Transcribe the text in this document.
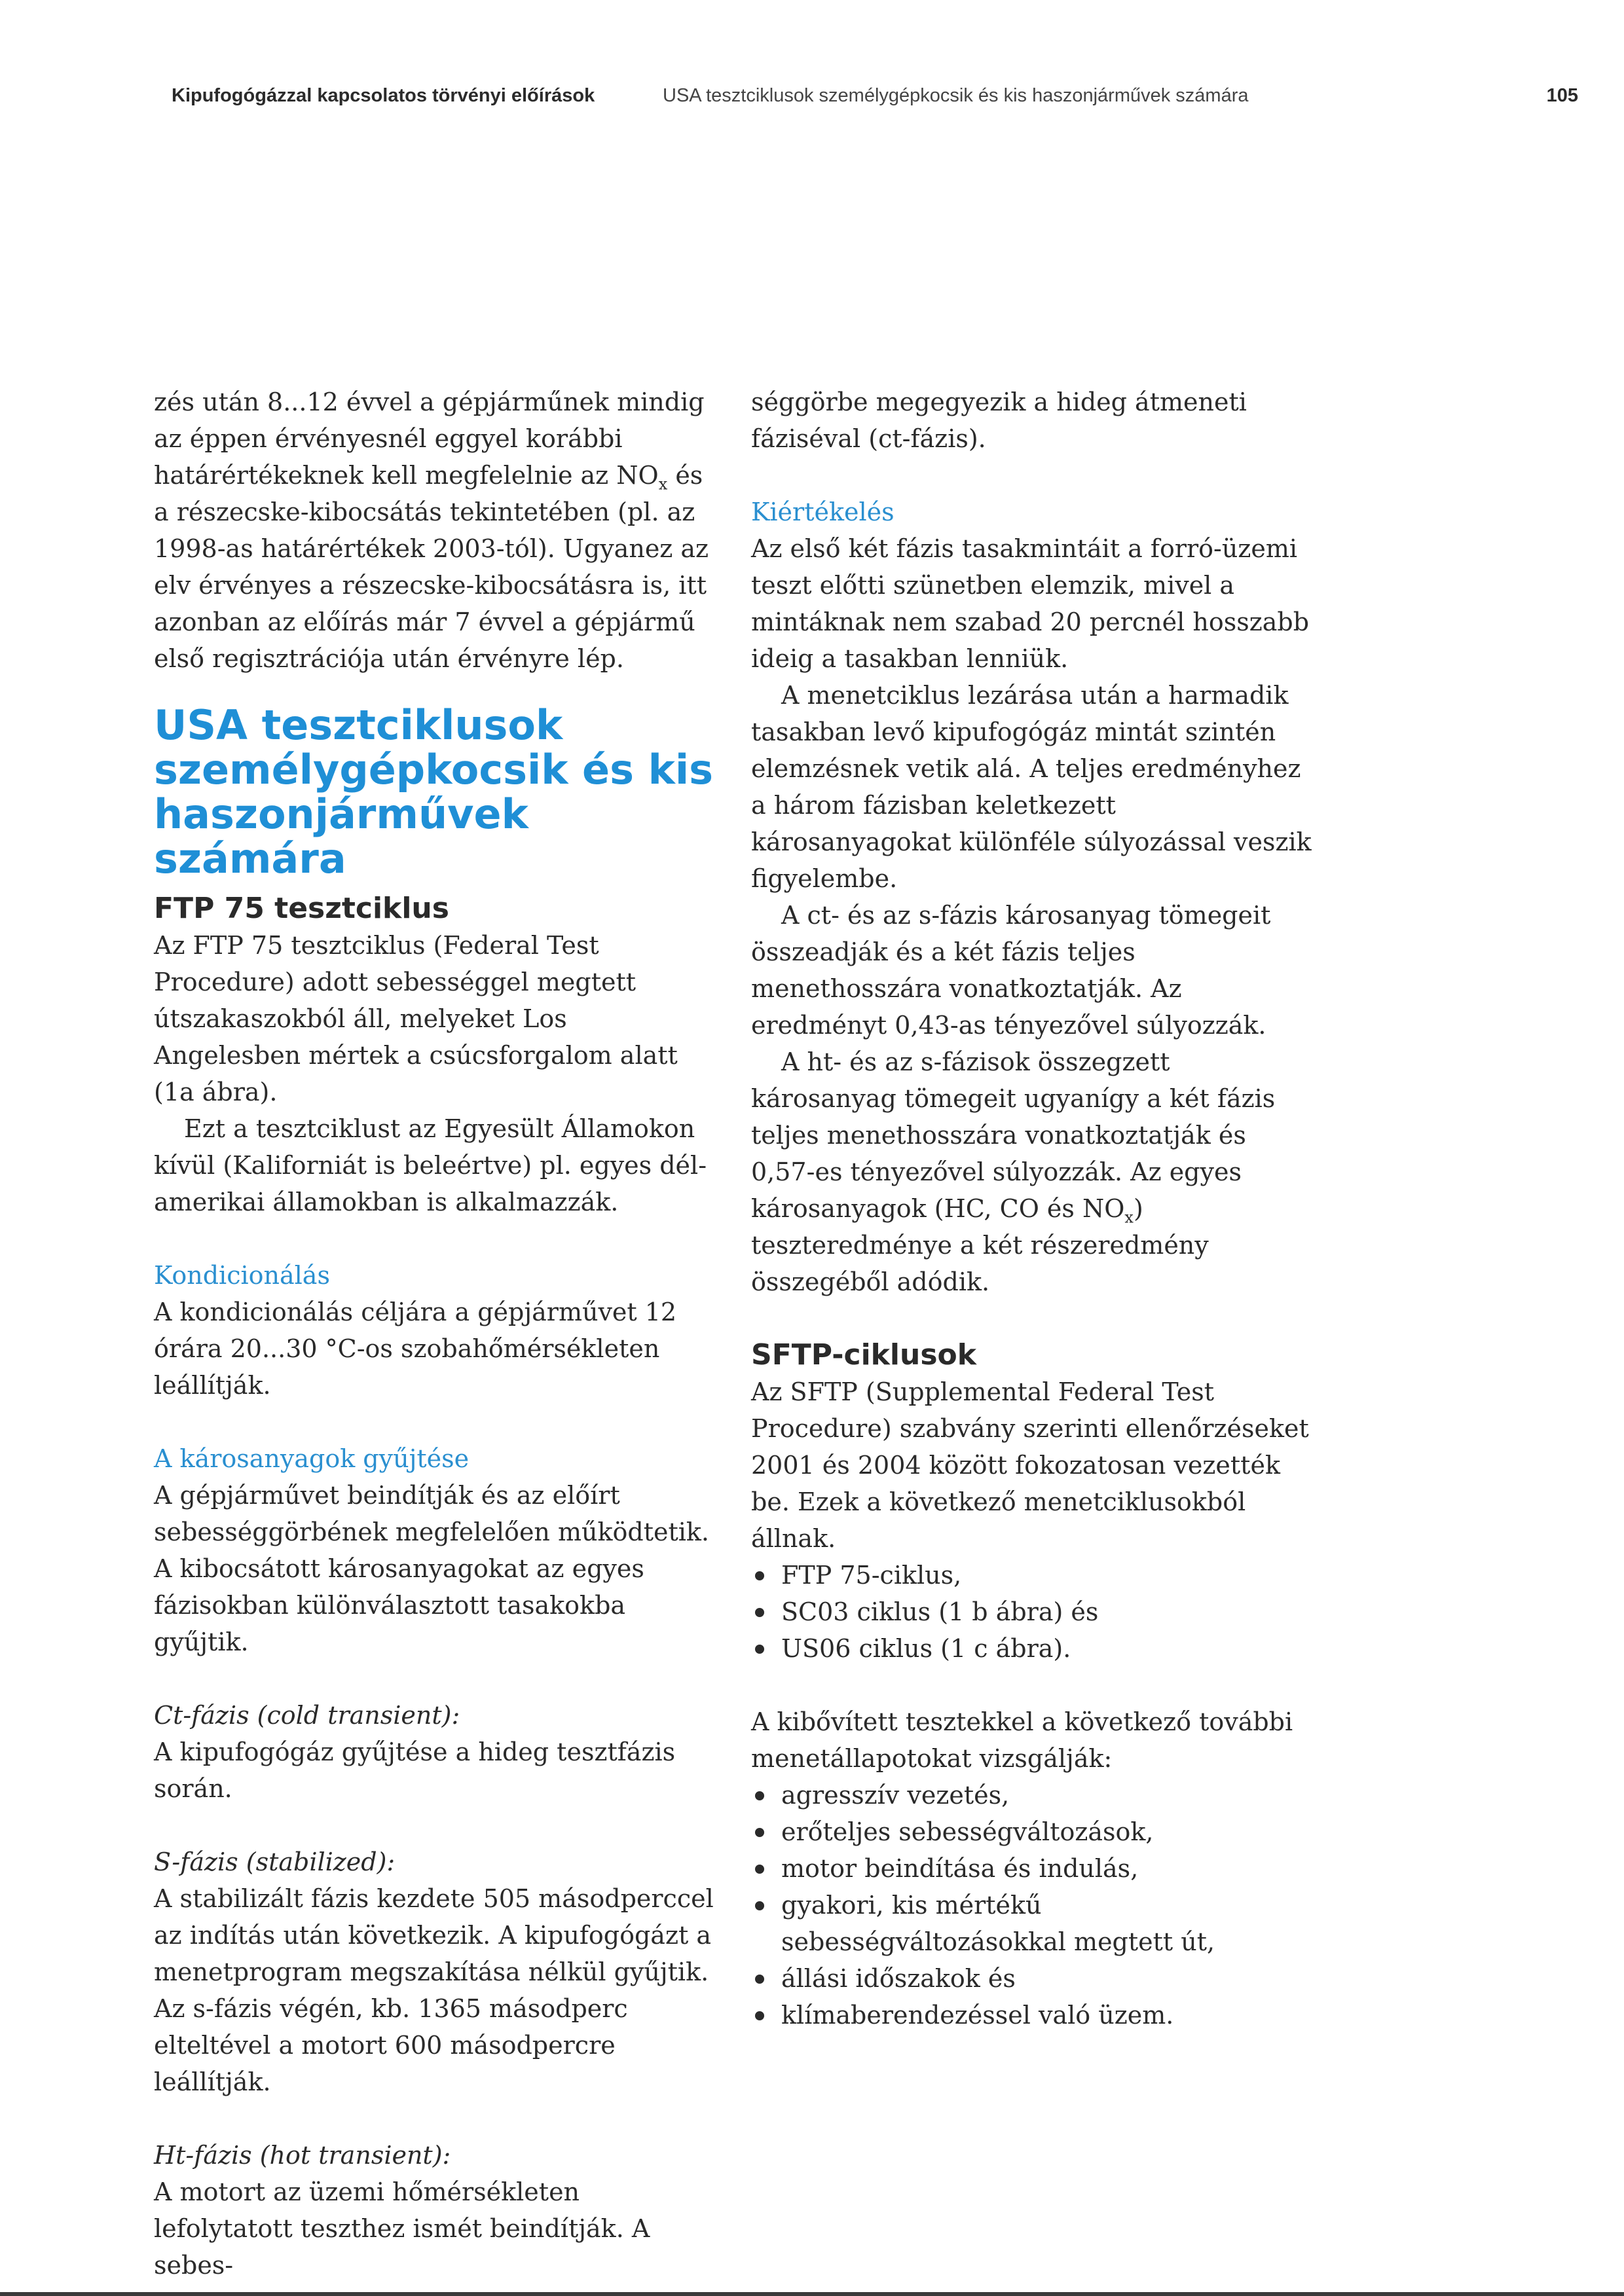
Kipufogógázzal kapcsolatos törvényi előírások	USA tesztciklusok személygépkocsik és kis haszonjárművek számára	105

zés után 8...12 évvel a gépjárműnek mindig az éppen érvényesnél eggyel korábbi határértékeknek kell megfelelnie az $NO_x$ és a részecske-kibocsátás tekintetében (pl. az 1998-as határértékek 2003-tól). Ugyanez az elv érvényes a részecske-kibocsátásra is, itt azonban az előírás már 7 évvel a gépjármű első regisztrációja után érvényre lép.

USA tesztciklusok személygépkocsik és kis haszonjárművek számára
FTP 75 tesztciklus

Az FTP 75 tesztciklus (Federal Test Procedure) adott sebességgel megtett útszakaszokból áll, melyeket Los Angelesben mértek a csúcsforgalom alatt (1a ábra).

Ezt a tesztciklust az Egyesült Államokon kívül (Kaliforniát is beleértve) pl. egyes dél-amerikai államokban is alkalmazzák.

Kondicionálás

A kondicionálás céljára a gépjárművet 12 órára 20...30 °C-os szobahőmérsékleten leállítják.

A károsanyagok gyűjtése

A gépjárművet beindítják és az előírt sebességgörbének megfelelően működtetik. A kibocsátott károsanyagokat az egyes fázisokban különválasztott tasakokba gyűjtik.

Ct-fázis (cold transient):

A kipufogógáz gyűjtése a hideg tesztfázis során.

S-fázis (stabilized):

A stabilizált fázis kezdete 505 másodperccel az indítás után következik. A kipufogógázt a menetprogram megszakítása nélkül gyűjtik. Az s-fázis végén, kb. 1365 másodperc elteltével a motort 600 másodpercre leállítják.

Ht-fázis (hot transient):

A motort az üzemi hőmérsékleten lefolytatott teszthez ismét beindítják. A sebes-

séggörbe megegyezik a hideg átmeneti fáziséval (ct-fázis).

Kiértékelés

Az első két fázis tasakmintáit a forró-üzemi teszt előtti szünetben elemzik, mivel a mintáknak nem szabad 20 percnél hosszabb ideig a tasakban lenniük.

A menetciklus lezárása után a harmadik tasakban levő kipufogógáz mintát szintén elemzésnek vetik alá. A teljes eredményhez a három fázisban keletkezett károsanyagokat különféle súlyozással veszik figyelembe.

A ct- és az s-fázis károsanyag tömegeit összeadják és a két fázis teljes menethosszára vonatkoztatják. Az eredményt 0,43-as tényezővel súlyozzák.

A ht- és az s-fázisok összegzett károsanyag tömegeit ugyanígy a két fázis teljes menethosszára vonatkoztatják és 0,57-es tényezővel súlyozzák. Az egyes károsanyagok (HC, CO és $NO_x$) teszteredménye a két részeredmény összegéből adódik.

SFTP-ciklusok

Az SFTP (Supplemental Federal Test Procedure) szabvány szerinti ellenőrzéseket 2001 és 2004 között fokozatosan vezették be. Ezek a következő menetciklusokból állnak.

FTP 75-ciklus,
SC03 ciklus (1 b ábra) és
US06 ciklus (1 c ábra).

A kibővített tesztekkel a következő további menetállapotokat vizsgálják:

agresszív vezetés,
erőteljes sebességváltozások,
motor beindítása és indulás,
gyakori, kis mértékű sebességváltozásokkal megtett út,
állási időszakok és
klímaberendezéssel való üzem.
